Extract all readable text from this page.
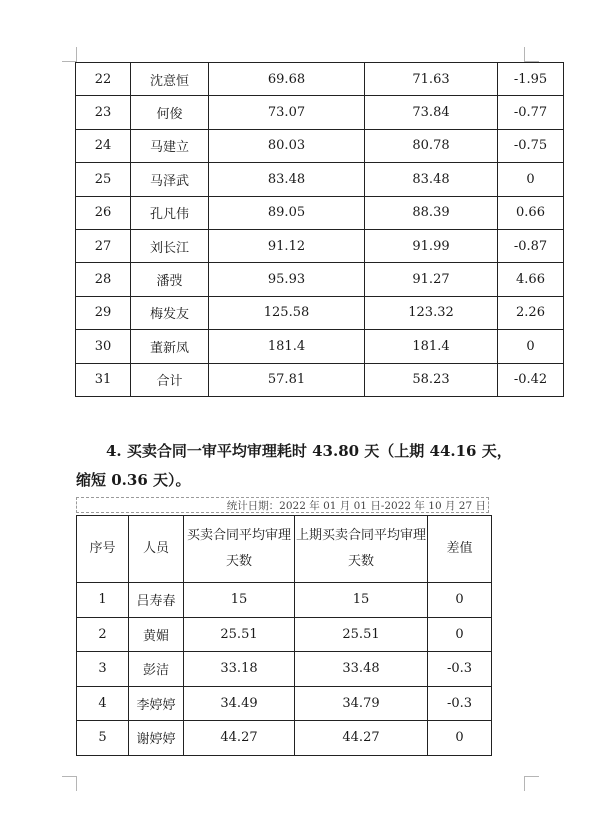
22	沈意恒	69.68	71.63	-1.95
23	何俊	73.07	73.84	-0.77
24	马建立	80.03	80.78	-0.75
25	马泽武	83.48	83.48	0
26	孔凡伟	89.05	88.39	0.66
27	刘长江	91.12	91.99	-0.87
28	潘弢	95.93	91.27	4.66
29	梅发友	125.58	123.32	2.26
30	董新凤	181.4	181.4	0
31	合计	57.81	58.23	-0.42
4. 买卖合同一审平均审理耗时 43.80 天（上期 44.16 天，
缩短 0.36 天）。
统计日期：2022 年 01 月 01 日-2022 年 10 月 27 日
序号	人员	买卖合同平均审理天数	上期买卖合同平均审理天数	差值
1	吕寿春	15	15	0
2	黄媚	25.51	25.51	0
3	彭洁	33.18	33.48	-0.3
4	李婷婷	34.49	34.79	-0.3
5	谢婷婷	44.27	44.27	0
